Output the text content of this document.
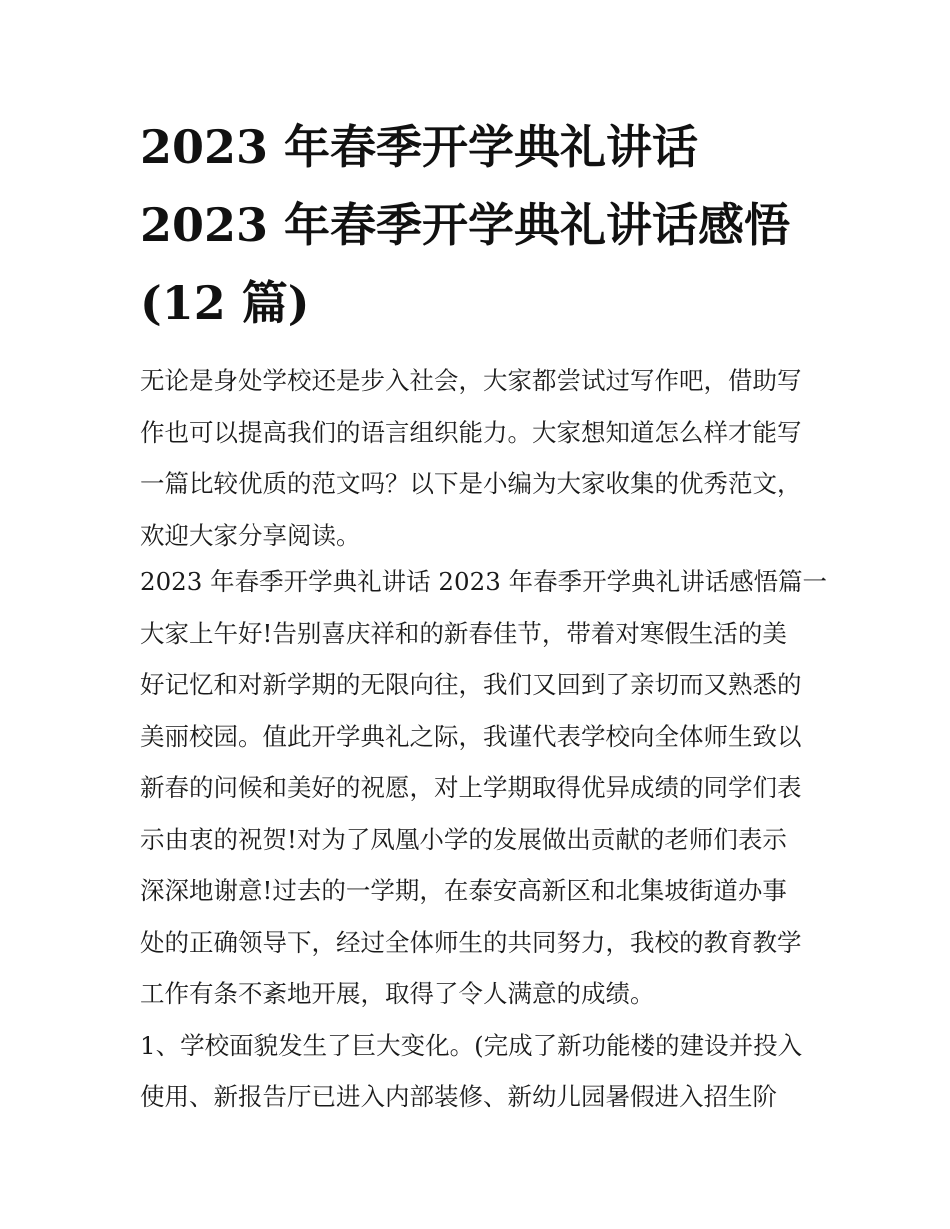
2023 年春季开学典礼讲话
2023 年春季开学典礼讲话感悟
(12 篇)
无论是身处学校还是步入社会，大家都尝试过写作吧，借助写
作也可以提高我们的语言组织能力。大家想知道怎么样才能写
一篇比较优质的范文吗？以下是小编为大家收集的优秀范文，
欢迎大家分享阅读。
2023 年春季开学典礼讲话 2023 年春季开学典礼讲话感悟篇一
大家上午好!告别喜庆祥和的新春佳节，带着对寒假生活的美
好记忆和对新学期的无限向往，我们又回到了亲切而又熟悉的
美丽校园。值此开学典礼之际，我谨代表学校向全体师生致以
新春的问候和美好的祝愿，对上学期取得优异成绩的同学们表
示由衷的祝贺!对为了凤凰小学的发展做出贡献的老师们表示
深深地谢意!过去的一学期，在泰安高新区和北集坡街道办事
处的正确领导下，经过全体师生的共同努力，我校的教育教学
工作有条不紊地开展，取得了令人满意的成绩。
1、学校面貌发生了巨大变化。(完成了新功能楼的建设并投入
使用、新报告厅已进入内部装修、新幼儿园暑假进入招生阶
